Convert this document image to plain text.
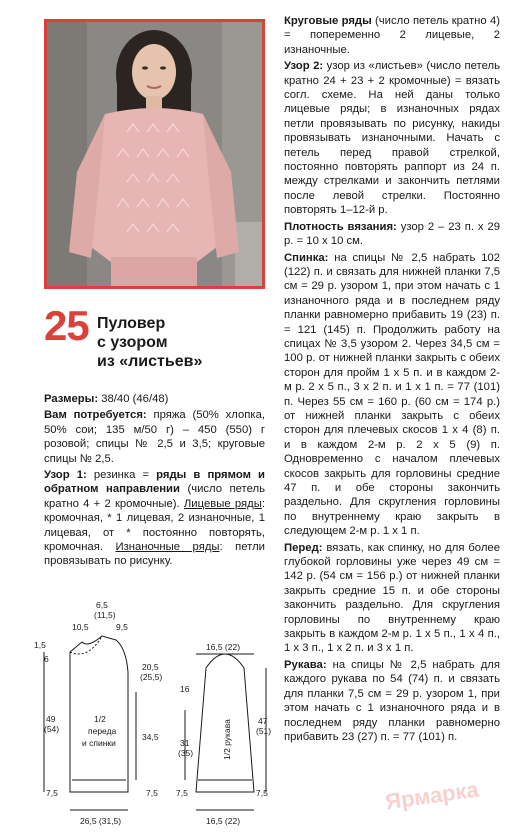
25 Пуловер
с узором
из «листьев»

Размеры: 38/40 (46/48)

Вам потребуется: пряжа (50% хлопка, 50% сои; 135 м/50 г) – 450 (550) г розовой; спицы № 2,5 и 3,5; круговые спицы № 2,5.

Узор 1: резинка = ряды в прямом и обратном направлении (число петель кратно 4 + 2 кромочные). Лицевые ряды: кромочная, * 1 лицевая, 2 изнаночные, 1 лицевая, от * постоянно повторять, кромочная. Изнаночные ряды: петли провязывать по рисунку.

Круговые ряды (число петель кратно 4) = попеременно 2 лицевые, 2 изнаночные.

Узор 2: узор из «листьев» (число петель кратно 24 + 23 + 2 кромочные) = вязать согл. схеме. На ней даны только лицевые ряды; в изнаночных рядах петли провязывать по рисунку, накиды провязывать изнаночными. Начать с петель перед правой стрелкой, постоянно повторять раппорт из 24 п. между стрелками и закончить петлями после левой стрелки. Постоянно повторять 1–12-й р.

Плотность вязания: узор 2 – 23 п. x 29 р. = 10 x 10 см.

Спинка: на спицы № 2,5 набрать 102 (122) п. и связать для нижней планки 7,5 см = 29 р. узором 1, при этом начать с 1 изнаночного ряда и в последнем ряду планки равномерно прибавить 19 (23) п. = 121 (145) п. Продолжить работу на спицах № 3,5 узором 2. Через 34,5 см = 100 р. от нижней планки закрыть с обеих сторон для пройм 1 x 5 п. и в каждом 2-м р. 2 x 5 п., 3 x 2 п. и 1 x 1 п. = 77 (101) п. Через 55 см = 160 р. (60 см = 174 р.) от нижней планки закрыть с обеих сторон для плечевых скосов 1 x 4 (8) п. и в каждом 2-м р. 2 x 5 (9) п. Одновременно с началом плечевых скосов закрыть для горловины средние 47 п. и обе стороны закончить раздельно. Для скругления горловины по внутреннему краю закрыть в следующем 2-м р. 1 x 1 п.

Перед: вязать, как спинку, но для более глубокой горловины уже через 49 см = 142 р. (54 см = 156 р.) от нижней планки закрыть средние 15 п. и обе стороны закончить раздельно. Для скругления горловины по внутреннему краю закрыть в каждом 2-м р. 1 x 5 п., 1 x 4 п., 1 x 3 п., 1 x 2 п. и 3 x 1 п.

Рукава: на спицы № 2,5 набрать для каждого рукава по 54 (74) п. и связать для планки 7,5 см = 29 р. узором 1, при этом начать с 1 изнаночного ряда и в последнем ряду планки равномерно прибавить 23 (27) п. = 77 (101) п.

1/2
переда
и спинки
6,5
(11,5)
10,5	9,5
1,5
6
20,5
(25,5)
49
(54)
34,5
7,5	7,5
26,5 (31,5)
16,5 (22)
16
31
(35)
47
(51)
7,5	7,5
16,5 (22)
1/2 рукава
Ярмарка
